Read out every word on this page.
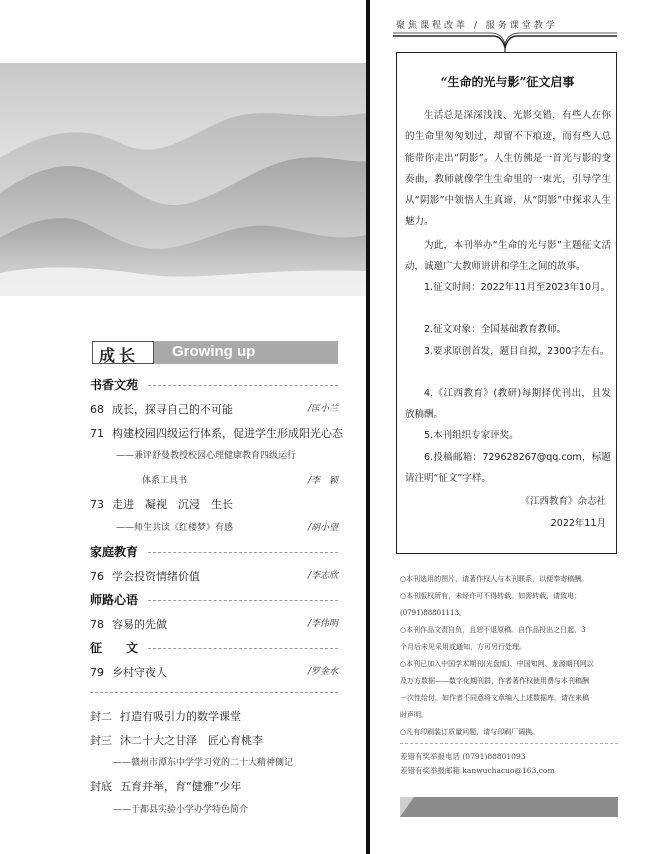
成长 Growing up
书香文苑
68 成长，探寻自己的不可能	/匡小兰
71 构建校园四级运行体系，促进学生形成阳光心态
——兼评舒曼教授校园心理健康教育四级运行
体系工具书	/李　颖
73 走进　凝视　沉浸　生长
——师生共读《红楼梦》有感	/胡小望
家庭教育
76 学会投资情绪价值	/李志欣
师路心语
78 容易的先做	/李伟明
征　　文
79 乡村守夜人	/罗金水
封二 打造有吸引力的数学课堂
封三 沐二十大之甘泽　匠心育桃李
——赣州市潭东中学学习党的二十大精神侧记
封底 五育并举，育“健雅”少年
——于都县实验小学办学特色简介
聚焦课程改革 / 服务课堂教学
“生命的光与影”征文启事
生活总是深深浅浅、光影交错，有些人在你的生命里匆匆划过，却留不下痕迹，而有些人总能带你走出“阴影”。人生仿佛是一首光与影的变奏曲，教师就像学生生命里的一束光，引导学生从“阴影”中领悟人生真谛，从“阴影”中探求人生魅力。
为此，本刊举办“生命的光与影”主题征文活动，诚邀广大教师讲讲和学生之间的故事。
1.征文时间：2022年11月至2023年10月。
2.征文对象：全国基础教育教师。
3.要求原创首发，题目自拟，2300字左右。
4.《江西教育》(教研)每期择优刊出，且发放稿酬。
5.本刊组织专家评奖。
6.投稿邮箱：729628267@qq.com，标题请注明“征文”字样。
《江西教育》杂志社
2022年11月
○本刊选用的图片，请著作权人与本刊联系，以便奉寄稿酬。
○本刊版权所有，未经许可不得转载。如需转载，请致电：
(0791)88801113。
○本刊作品文责自负，且恕不退原稿。自作品投出之日起，3
个月后未见采用或通知，方可另行处理。
○本刊已加入中国学术期刊(光盘版)、中国知网、龙源期刊网以
及万方数据——数字化期刊群，作者著作权使用费与本刊稿酬
一次性给付。如作者不同意将文章编入上述数据库，请在来稿
时声明。
○凡有印刷装订质量问题，请与印刷厂调换。
差错有奖举报电话 (0791)88801093
差错有奖举报邮箱 kanwuchacuo@163.com
